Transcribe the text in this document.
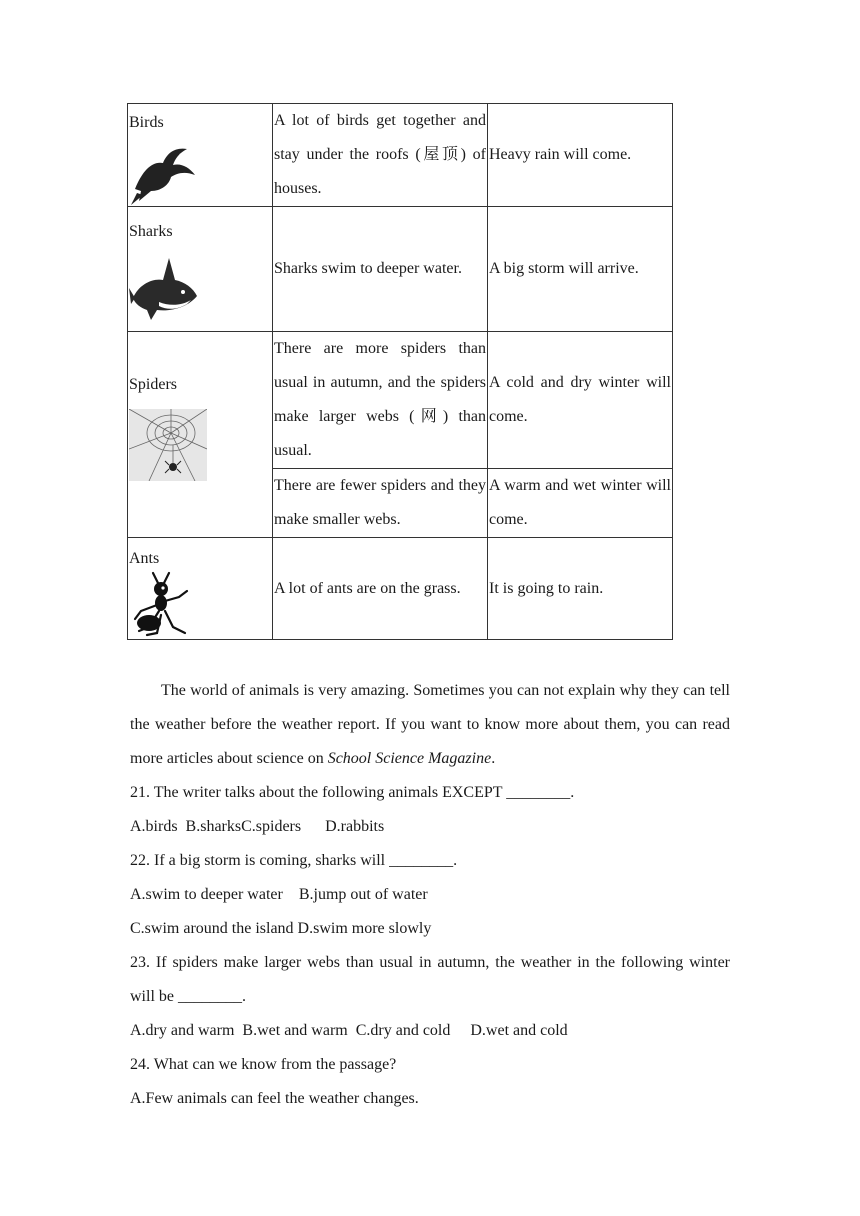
Birds	A lot of birds get together and stay under the roofs (屋顶) of houses.	Heavy rain will come.

Sharks	Sharks swim to deeper water.	A big storm will arrive.

Spiders	There are more spiders than usual in autumn, and the spiders make larger webs (网) than usual.	A cold and dry winter will come.
	There are fewer spiders and they make smaller webs.	A warm and wet winter will come.

Ants	A lot of ants are on the grass.	It is going to rain.

The world of animals is very amazing. Sometimes you can not explain why they can tell the weather before the weather report. If you want to know more about them, you can read more articles about science on School Science Magazine.

21. The writer talks about the following animals EXCEPT ________.

A.birds  B.sharksC.spiders      D.rabbits

22. If a big storm is coming, sharks will ________.

A.swim to deeper water    B.jump out of water

C.swim around the island D.swim more slowly

23. If spiders make larger webs than usual in autumn, the weather in the following winter will be ________.

A.dry and warm  B.wet and warm  C.dry and cold     D.wet and cold

24. What can we know from the passage?

A.Few animals can feel the weather changes.
